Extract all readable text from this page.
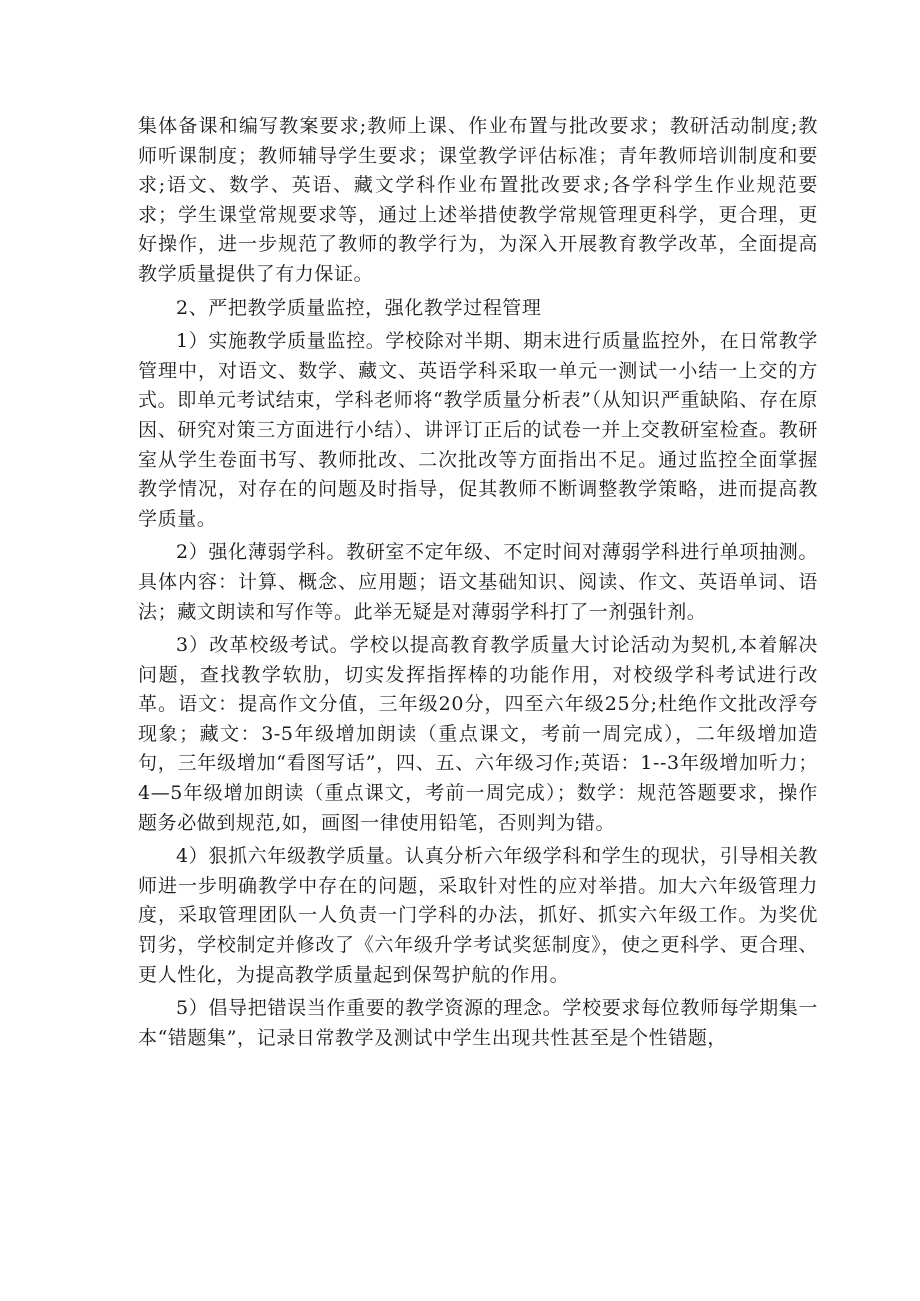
集体备课和编写教案要求;教师上课、作业布置与批改要求；教研活动制度;教师听课制度；教师辅导学生要求；课堂教学评估标准；青年教师培训制度和要求;语文、数学、英语、藏文学科作业布置批改要求;各学科学生作业规范要求；学生课堂常规要求等，通过上述举措使教学常规管理更科学，更合理，更好操作，进一步规范了教师的教学行为，为深入开展教育教学改革，全面提高教学质量提供了有力保证。

2、严把教学质量监控，强化教学过程管理

1）实施教学质量监控。学校除对半期、期末进行质量监控外，在日常教学管理中，对语文、数学、藏文、英语学科采取一单元一测试一小结一上交的方式。即单元考试结束，学科老师将“教学质量分析表”（从知识严重缺陷、存在原因、研究对策三方面进行小结）、讲评订正后的试卷一并上交教研室检查。教研室从学生卷面书写、教师批改、二次批改等方面指出不足。通过监控全面掌握教学情况，对存在的问题及时指导，促其教师不断调整教学策略，进而提高教学质量。

2）强化薄弱学科。教研室不定年级、不定时间对薄弱学科进行单项抽测。具体内容：计算、概念、应用题；语文基础知识、阅读、作文、英语单词、语法；藏文朗读和写作等。此举无疑是对薄弱学科打了一剂强针剂。

3）改革校级考试。学校以提高教育教学质量大讨论活动为契机,本着解决问题，查找教学软肋，切实发挥指挥棒的功能作用，对校级学科考试进行改革。语文：提高作文分值，三年级20分，四至六年级25分;杜绝作文批改浮夸现象；藏文：3-5年级增加朗读（重点课文，考前一周完成），二年级增加造句，三年级增加“看图写话”，四、五、六年级习作;英语：1--3年级增加听力；4—5年级增加朗读（重点课文，考前一周完成）；数学：规范答题要求，操作题务必做到规范,如，画图一律使用铅笔，否则判为错。

4）狠抓六年级教学质量。认真分析六年级学科和学生的现状，引导相关教师进一步明确教学中存在的问题，采取针对性的应对举措。加大六年级管理力度，采取管理团队一人负责一门学科的办法，抓好、抓实六年级工作。为奖优罚劣，学校制定并修改了《六年级升学考试奖惩制度》，使之更科学、更合理、更人性化，为提高教学质量起到保驾护航的作用。

5）倡导把错误当作重要的教学资源的理念。学校要求每位教师每学期集一本“错题集”，记录日常教学及测试中学生出现共性甚至是个性错题，
